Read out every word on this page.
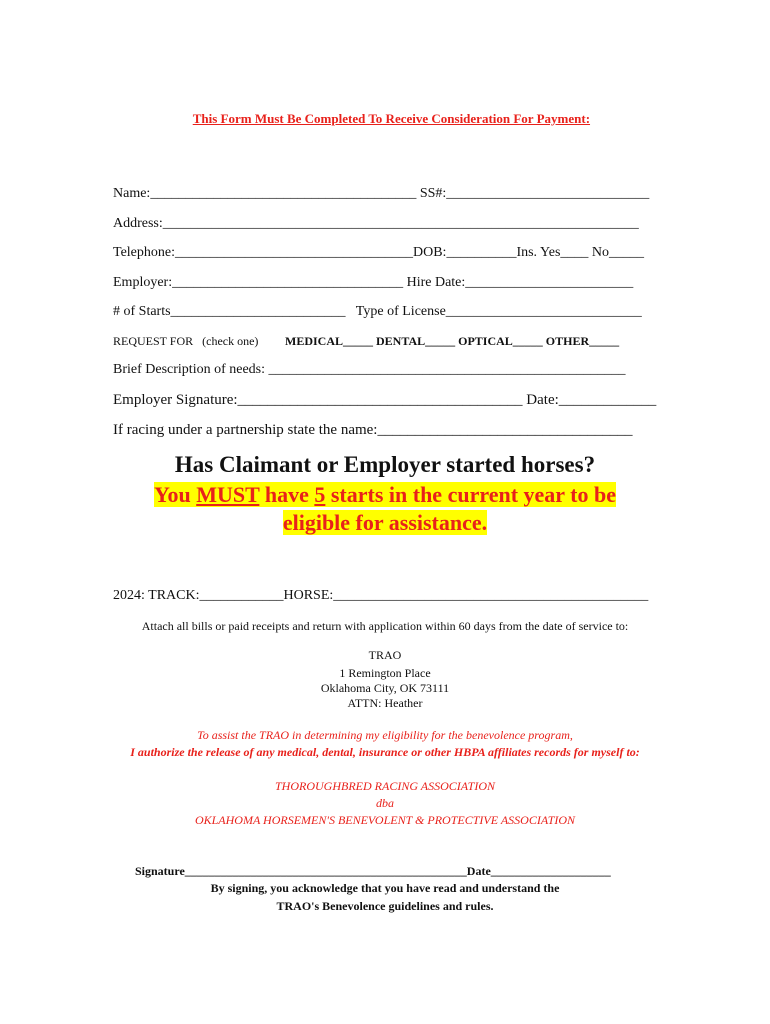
This Form Must Be Completed To Receive Consideration For Payment:

Name:______________________________________ SS#:_____________________________
Address:____________________________________________________________________
Telephone:__________________________________DOB:__________Ins. Yes____ No_____
Employer:_________________________________ Hire Date:________________________
# of Starts_________________________   Type of License____________________________
REQUEST FOR   (check one) MEDICAL_____ DENTAL_____ OPTICAL_____ OTHER_____
Brief Description of needs: ___________________________________________________
Employer Signature:______________________________________ Date:_____________
If racing under a partnership state the name:__________________________________
Has Claimant or Employer started horses?
You MUST have 5 starts in the current year to be
eligible for assistance.
2024: TRACK:____________HORSE:_____________________________________________
Attach all bills or paid receipts and return with application within 60 days from the date of service to:
TRAO
1 Remington Place
Oklahoma City, OK 73111
ATTN: Heather
To assist the TRAO in determining my eligibility for the benevolence program,
I authorize the release of any medical, dental, insurance or other HBPA affiliates records for myself to:
THOROUGHBRED RACING ASSOCIATION
dba
OKLAHOMA HORSEMEN'S BENEVOLENT & PROTECTIVE ASSOCIATION
Signature_______________________________________________Date____________________
By signing, you acknowledge that you have read and understand the
TRAO's Benevolence guidelines and rules.
